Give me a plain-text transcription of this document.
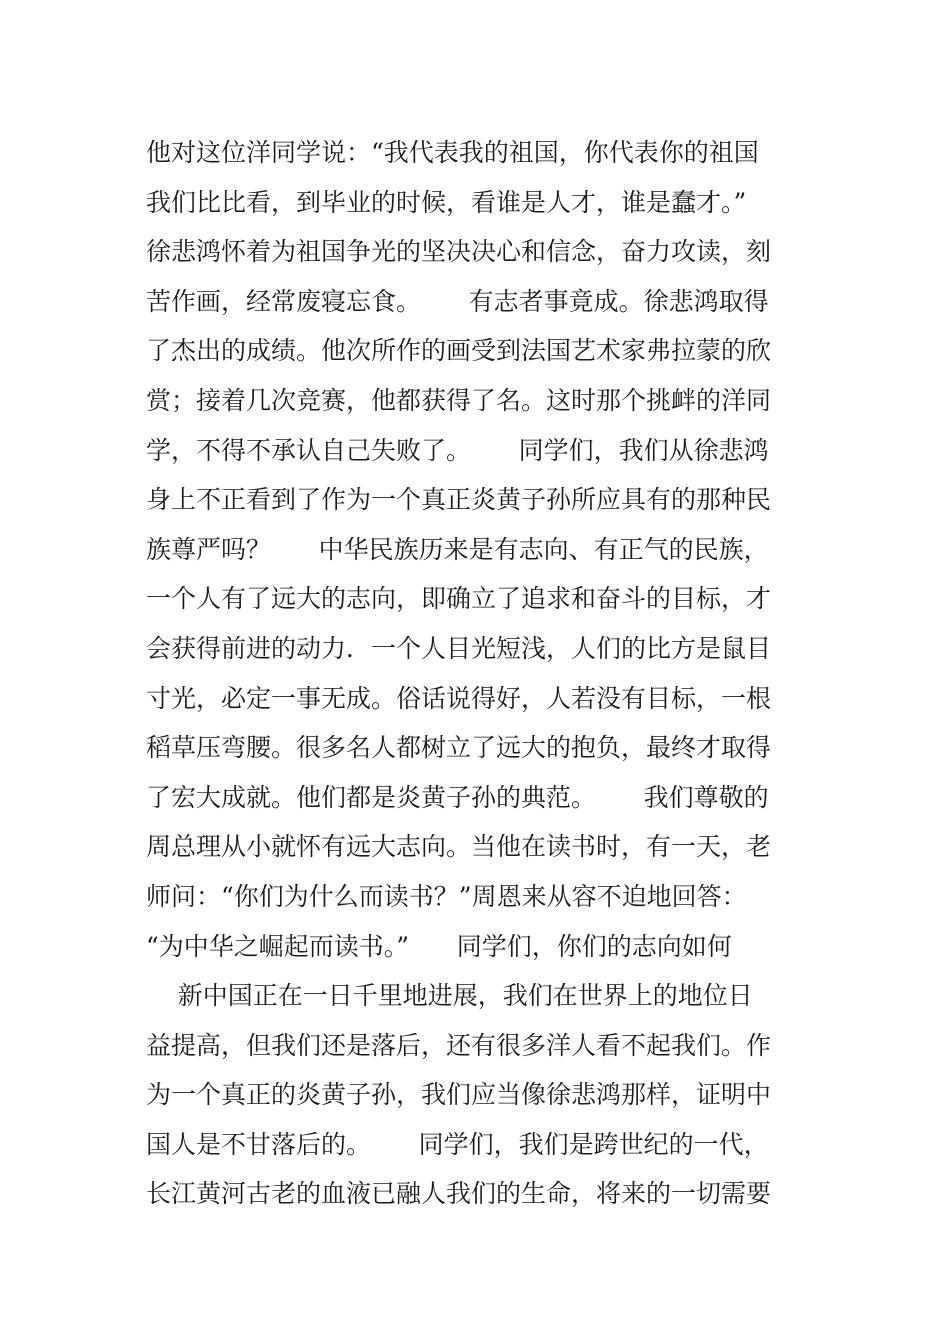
他对这位洋同学说：“我代表我的祖国，你代表你的祖国
我们比比看，到毕业的时候，看谁是人才，谁是蠢才。”
徐悲鸿怀着为祖国争光的坚决决心和信念，奋力攻读，刻
苦作画，经常废寝忘食。      有志者事竟成。徐悲鸿取得
了杰出的成绩。他次所作的画受到法国艺术家弗拉蒙的欣
赏；接着几次竞赛，他都获得了名。这时那个挑衅的洋同
学，不得不承认自己失败了。      同学们，我们从徐悲鸿
身上不正看到了作为一个真正炎黄子孙所应具有的那种民
族尊严吗？      中华民族历来是有志向、有正气的民族，
一个人有了远大的志向，即确立了追求和奋斗的目标，才
会获得前进的动力．一个人目光短浅，人们的比方是鼠目
寸光，必定一事无成。俗话说得好，人若没有目标，一根
稻草压弯腰。很多名人都树立了远大的抱负，最终才取得
了宏大成就。他们都是炎黄子孙的典范。      我们尊敬的
周总理从小就怀有远大志向。当他在读书时，有一天，老
师问：“你们为什么而读书？”周恩来从容不迫地回答：
“为中华之崛起而读书。”      同学们，你们的志向如何
新中国正在一日千里地进展，我们在世界上的地位日
益提高，但我们还是落后，还有很多洋人看不起我们。作
为一个真正的炎黄子孙，我们应当像徐悲鸿那样，证明中
国人是不甘落后的。      同学们，我们是跨世纪的一代，
长江黄河古老的血液已融人我们的生命，将来的一切需要
